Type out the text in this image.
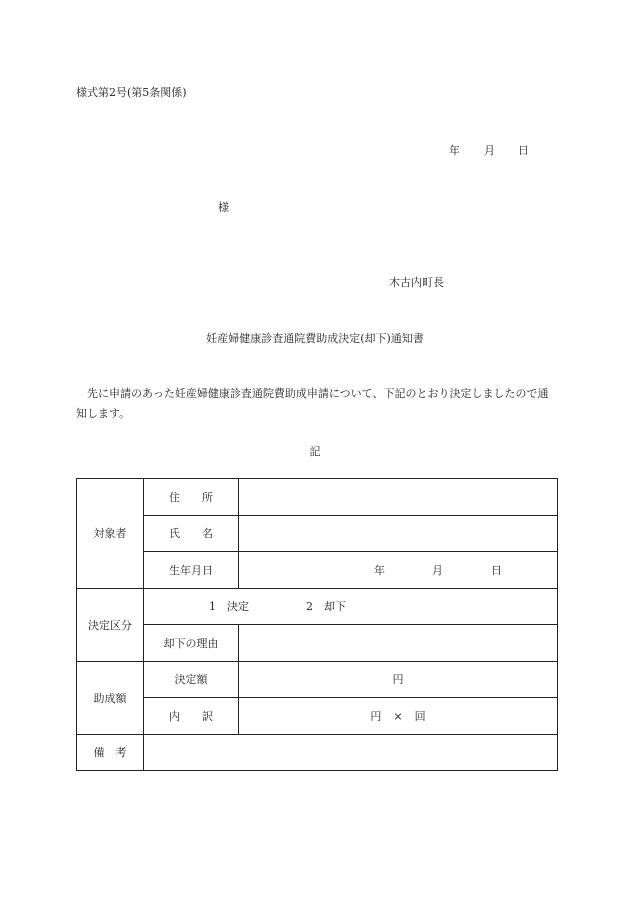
様式第2号(第5条関係)
年 月 日
様
木古内町長
妊産婦健康診査通院費助成決定(却下)通知書
先に申請のあった妊産婦健康診査通院費助成申請について、下記のとおり決定しましたので通知します。
記
対象者	住 所	
	氏 名	
	生年月日	年 月 日
決定区分	1 決定 2 却下	
	却下の理由	
助成額	決定額	円
	内 訳	円 × 回
備 考		
